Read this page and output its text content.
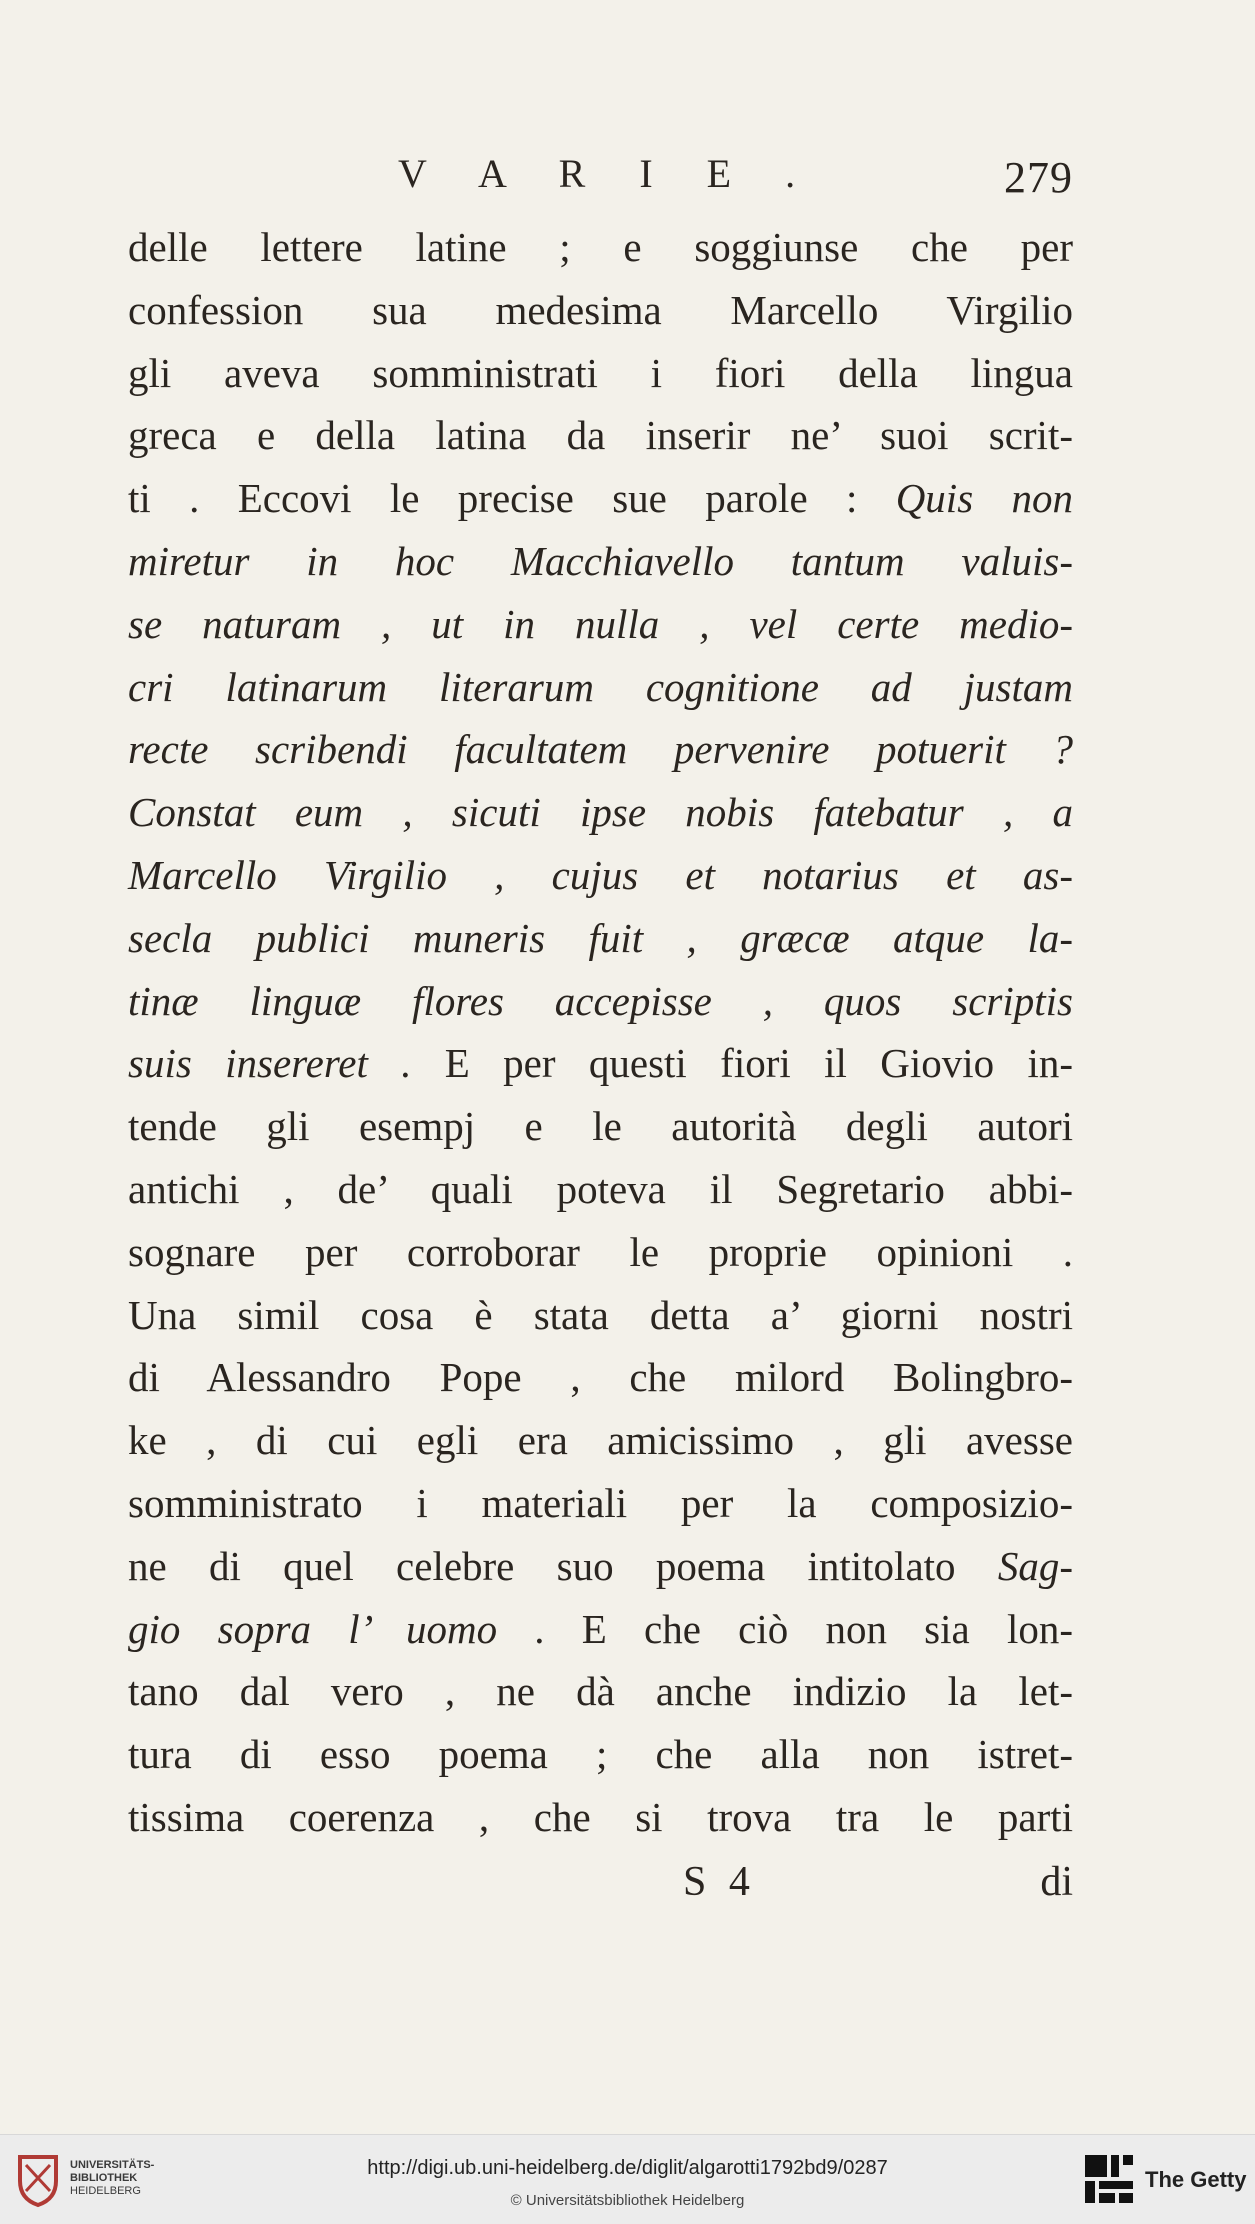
V A R I E .	279
delle lettere latine ; e soggiunse che per
confession sua medesima Marcello Virgilio
gli aveva somministrati i fiori della lingua
greca e della latina da inserir ne’ suoi scrit-
ti . Eccovi le precise sue parole : Quis non
miretur in hoc Macchiavello tantum valuis-
se naturam , ut in nulla , vel certe medio-
cri latinarum literarum cognitione ad justam
recte scribendi facultatem pervenire potuerit ?
Constat eum , sicuti ipse nobis fatebatur , a
Marcello Virgilio , cujus et notarius et as-
secla publici muneris fuit , græcæ atque la-
tinæ linguæ flores accepisse , quos scriptis
suis insereret . E per questi fiori il Giovio in-
tende gli esempj e le autorità degli autori
antichi , de’ quali poteva il Segretario abbi-
sognare per corroborar le proprie opinioni .
Una simil cosa è stata detta a’ giorni nostri
di Alessandro Pope , che milord Bolingbro-
ke , di cui egli era amicissimo , gli avesse
somministrato i materiali per la composizio-
ne di quel celebre suo poema intitolato Sag-
gio sopra l’ uomo . E che ciò non sia lon-
tano dal vero , ne dà anche indizio la let-
tura di esso poema ; che alla non istret-
tissima coerenza , che si trova tra le parti
S 4	di
UNIVERSITÄTS-
BIBLIOTHEK
HEIDELBERG
http://digi.ub.uni-heidelberg.de/diglit/algarotti1792bd9/0287
© Universitätsbibliothek Heidelberg
The Getty
